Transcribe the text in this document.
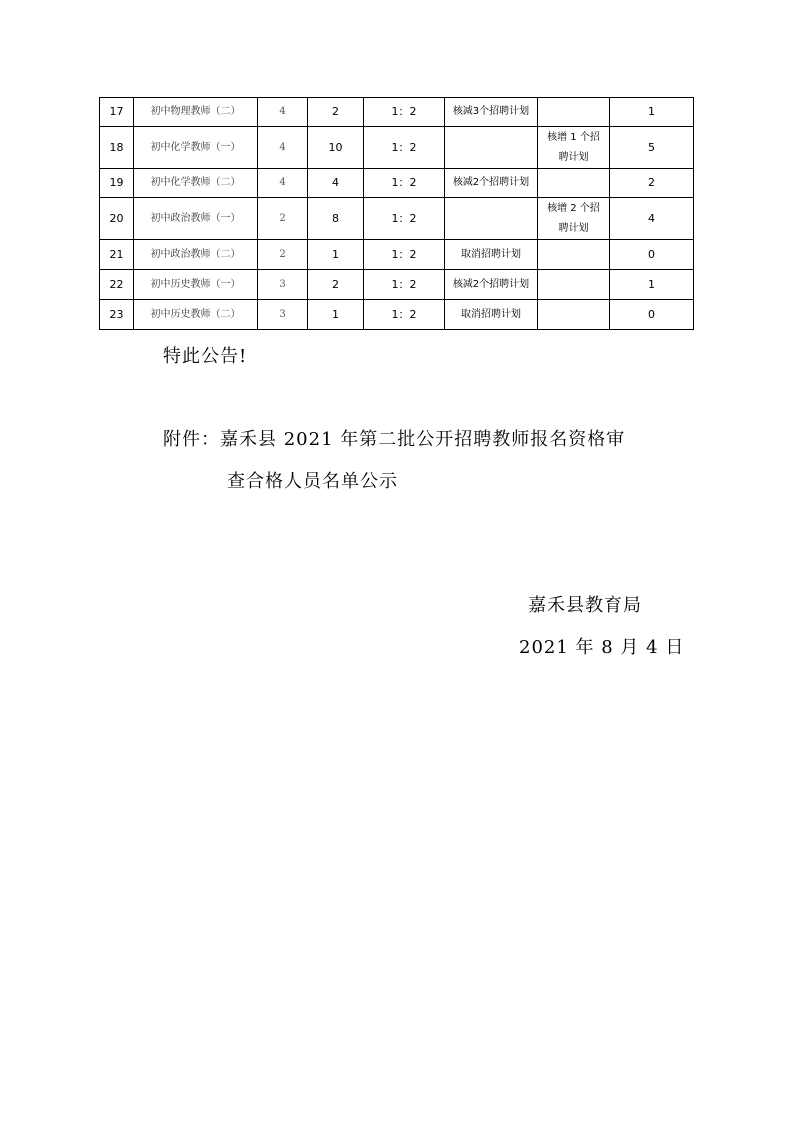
17	初中物理教师（二）	4	2	1：2	核减3个招聘计划		1
18	初中化学教师（一）	4	10	1：2		核增 1 个招聘计划	5
19	初中化学教师（二）	4	4	1：2	核减2个招聘计划		2
20	初中政治教师（一）	2	8	1：2		核增 2 个招聘计划	4
21	初中政治教师（二）	2	1	1：2	取消招聘计划		0
22	初中历史教师（一）	3	2	1：2	核减2个招聘计划		1
23	初中历史教师（二）	3	1	1：2	取消招聘计划		0
特此公告!
附件：嘉禾县 2021 年第二批公开招聘教师报名资格审
查合格人员名单公示
嘉禾县教育局
2021 年 8 月 4 日
